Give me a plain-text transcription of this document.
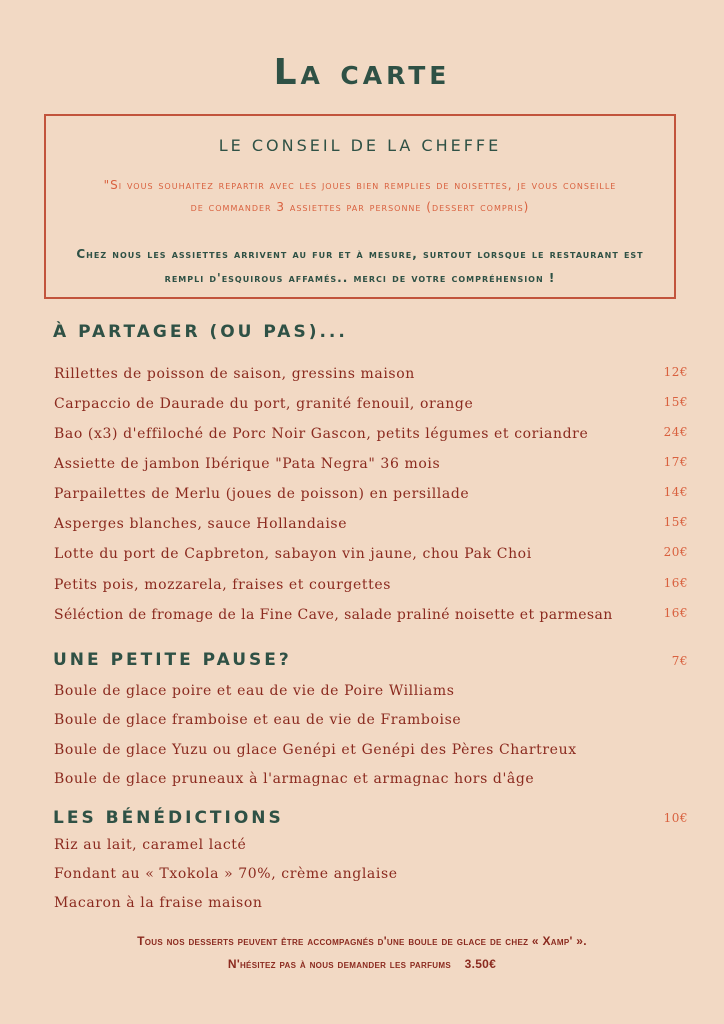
La carte
LE CONSEIL DE LA CHEFFE
"Si vous souhaitez repartir avec les joues bien remplies de noisettes, je vous conseille
de commander 3 assiettes par personne (dessert compris)
Chez nous les assiettes arrivent au fur et à mesure, surtout lorsque le restaurant est
rempli d'esquirous affamés.. merci de votre compréhension !
À PARTAGER (OU PAS)...
Rillettes de poisson de saison, gressins maison	12€
Carpaccio de Daurade du port, granité fenouil, orange	15€
Bao (x3) d'effiloché de Porc Noir Gascon, petits légumes et coriandre	24€
Assiette de jambon Ibérique "Pata Negra" 36 mois	17€
Parpailettes de Merlu (joues de poisson) en persillade	14€
Asperges blanches, sauce Hollandaise	15€
Lotte du port de Capbreton, sabayon vin jaune, chou Pak Choi	20€
Petits pois, mozzarela, fraises et courgettes	16€
Séléction de fromage de la Fine Cave, salade praliné noisette et parmesan	16€
UNE PETITE PAUSE?	7€
Boule de glace poire et eau de vie de Poire Williams
Boule de glace framboise et eau de vie de Framboise
Boule de glace Yuzu ou glace Genépi et Genépi des Pères Chartreux
Boule de glace pruneaux à l'armagnac et armagnac hors d'âge
LES BÉNÉDICTIONS	10€
Riz au lait, caramel lacté
Fondant au « Txokola » 70%, crème anglaise
Macaron à la fraise maison
Tous nos desserts peuvent être accompagnés d'une boule de glace de chez « Xamp' ».
N'hésitez pas à nous demander les parfums 3.50€
